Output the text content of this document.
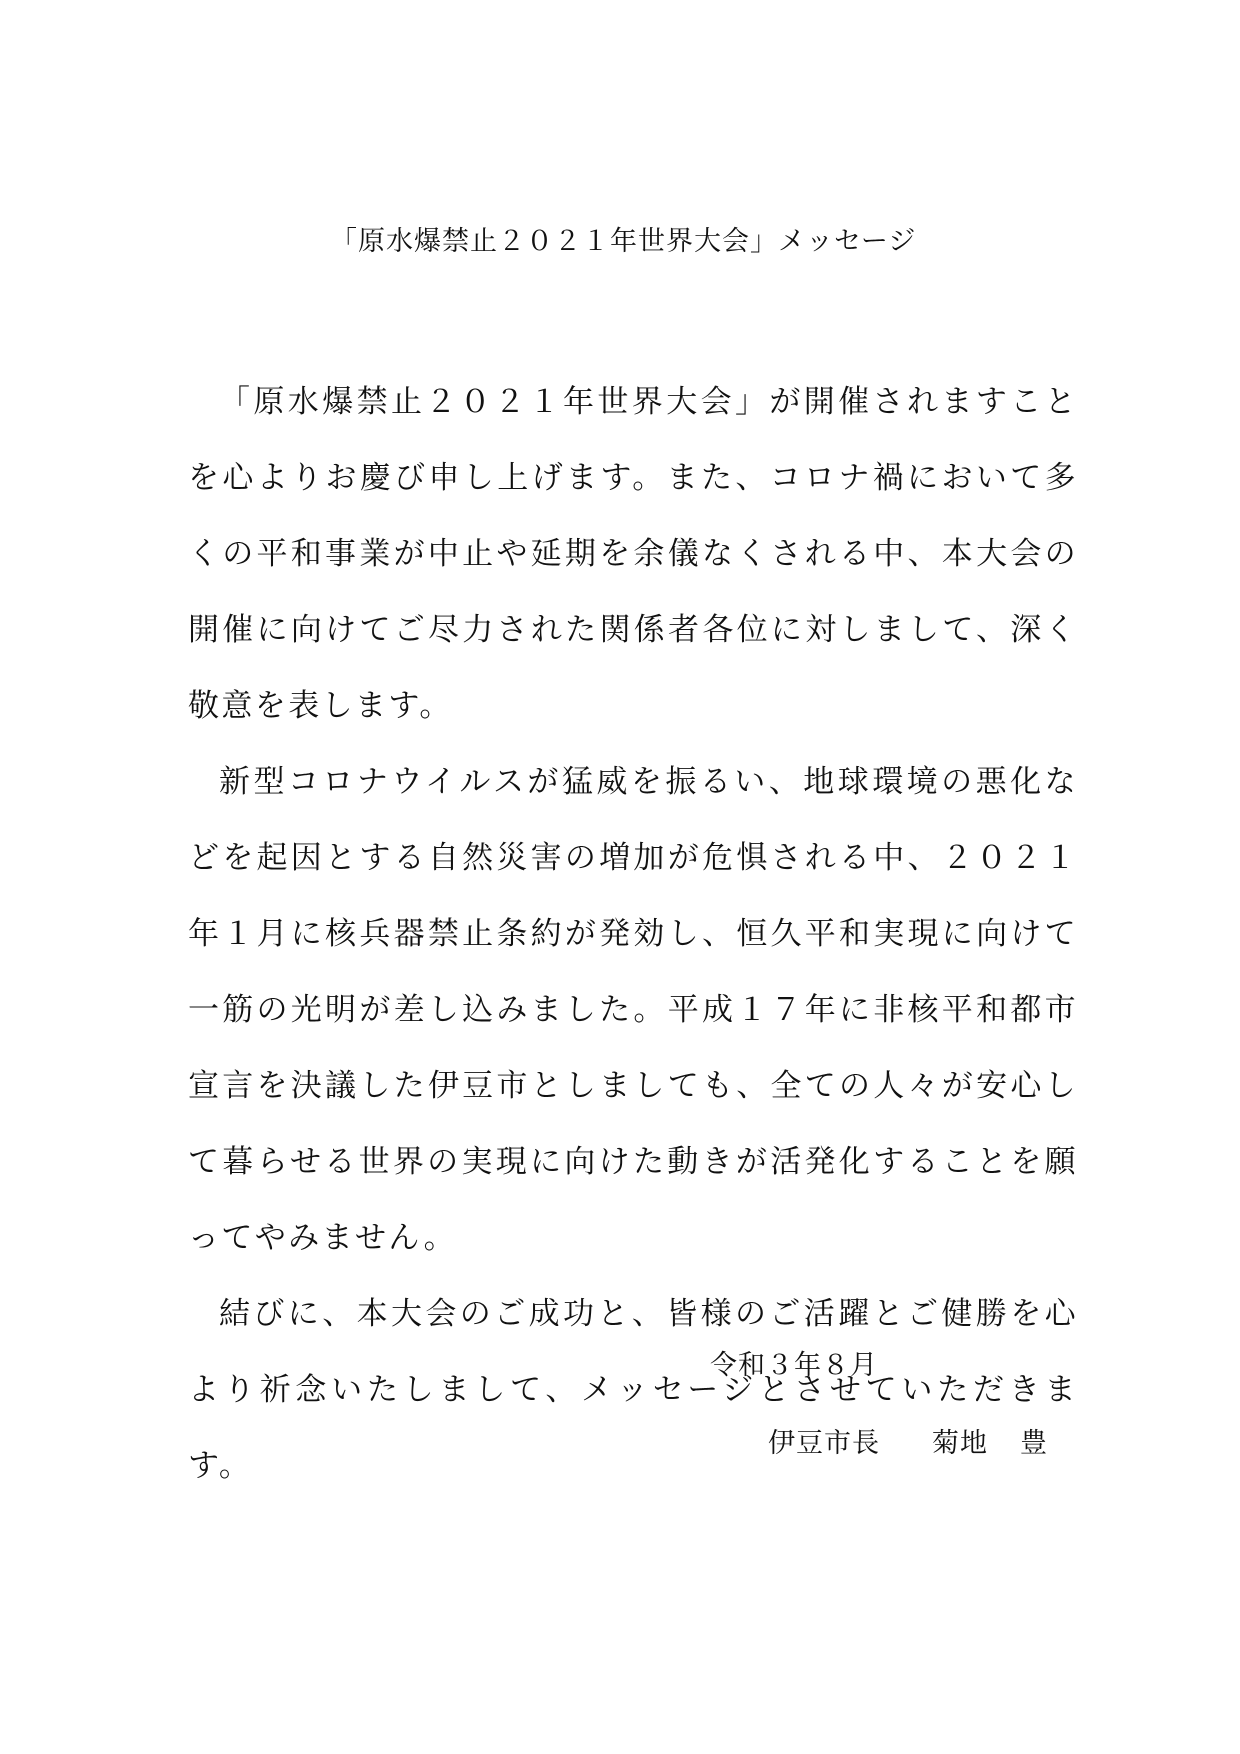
「原水爆禁止２０２１年世界大会」メッセージ

「原水爆禁止２０２１年世界大会」が開催されますことを心よりお慶び申し上げます。また、コロナ禍において多くの平和事業が中止や延期を余儀なくされる中、本大会の開催に向けてご尽力された関係者各位に対しまして、深く敬意を表します。

新型コロナウイルスが猛威を振るい、地球環境の悪化などを起因とする自然災害の増加が危惧される中、２０２１年１月に核兵器禁止条約が発効し、恒久平和実現に向けて一筋の光明が差し込みました。平成１７年に非核平和都市宣言を決議した伊豆市としましても、全ての人々が安心して暮らせる世界の実現に向けた動きが活発化することを願ってやみません。

結びに、本大会のご成功と、皆様のご活躍とご健勝を心より祈念いたしまして、メッセージとさせていただきます。

令和３年８月
伊豆市長 菊地 豊
